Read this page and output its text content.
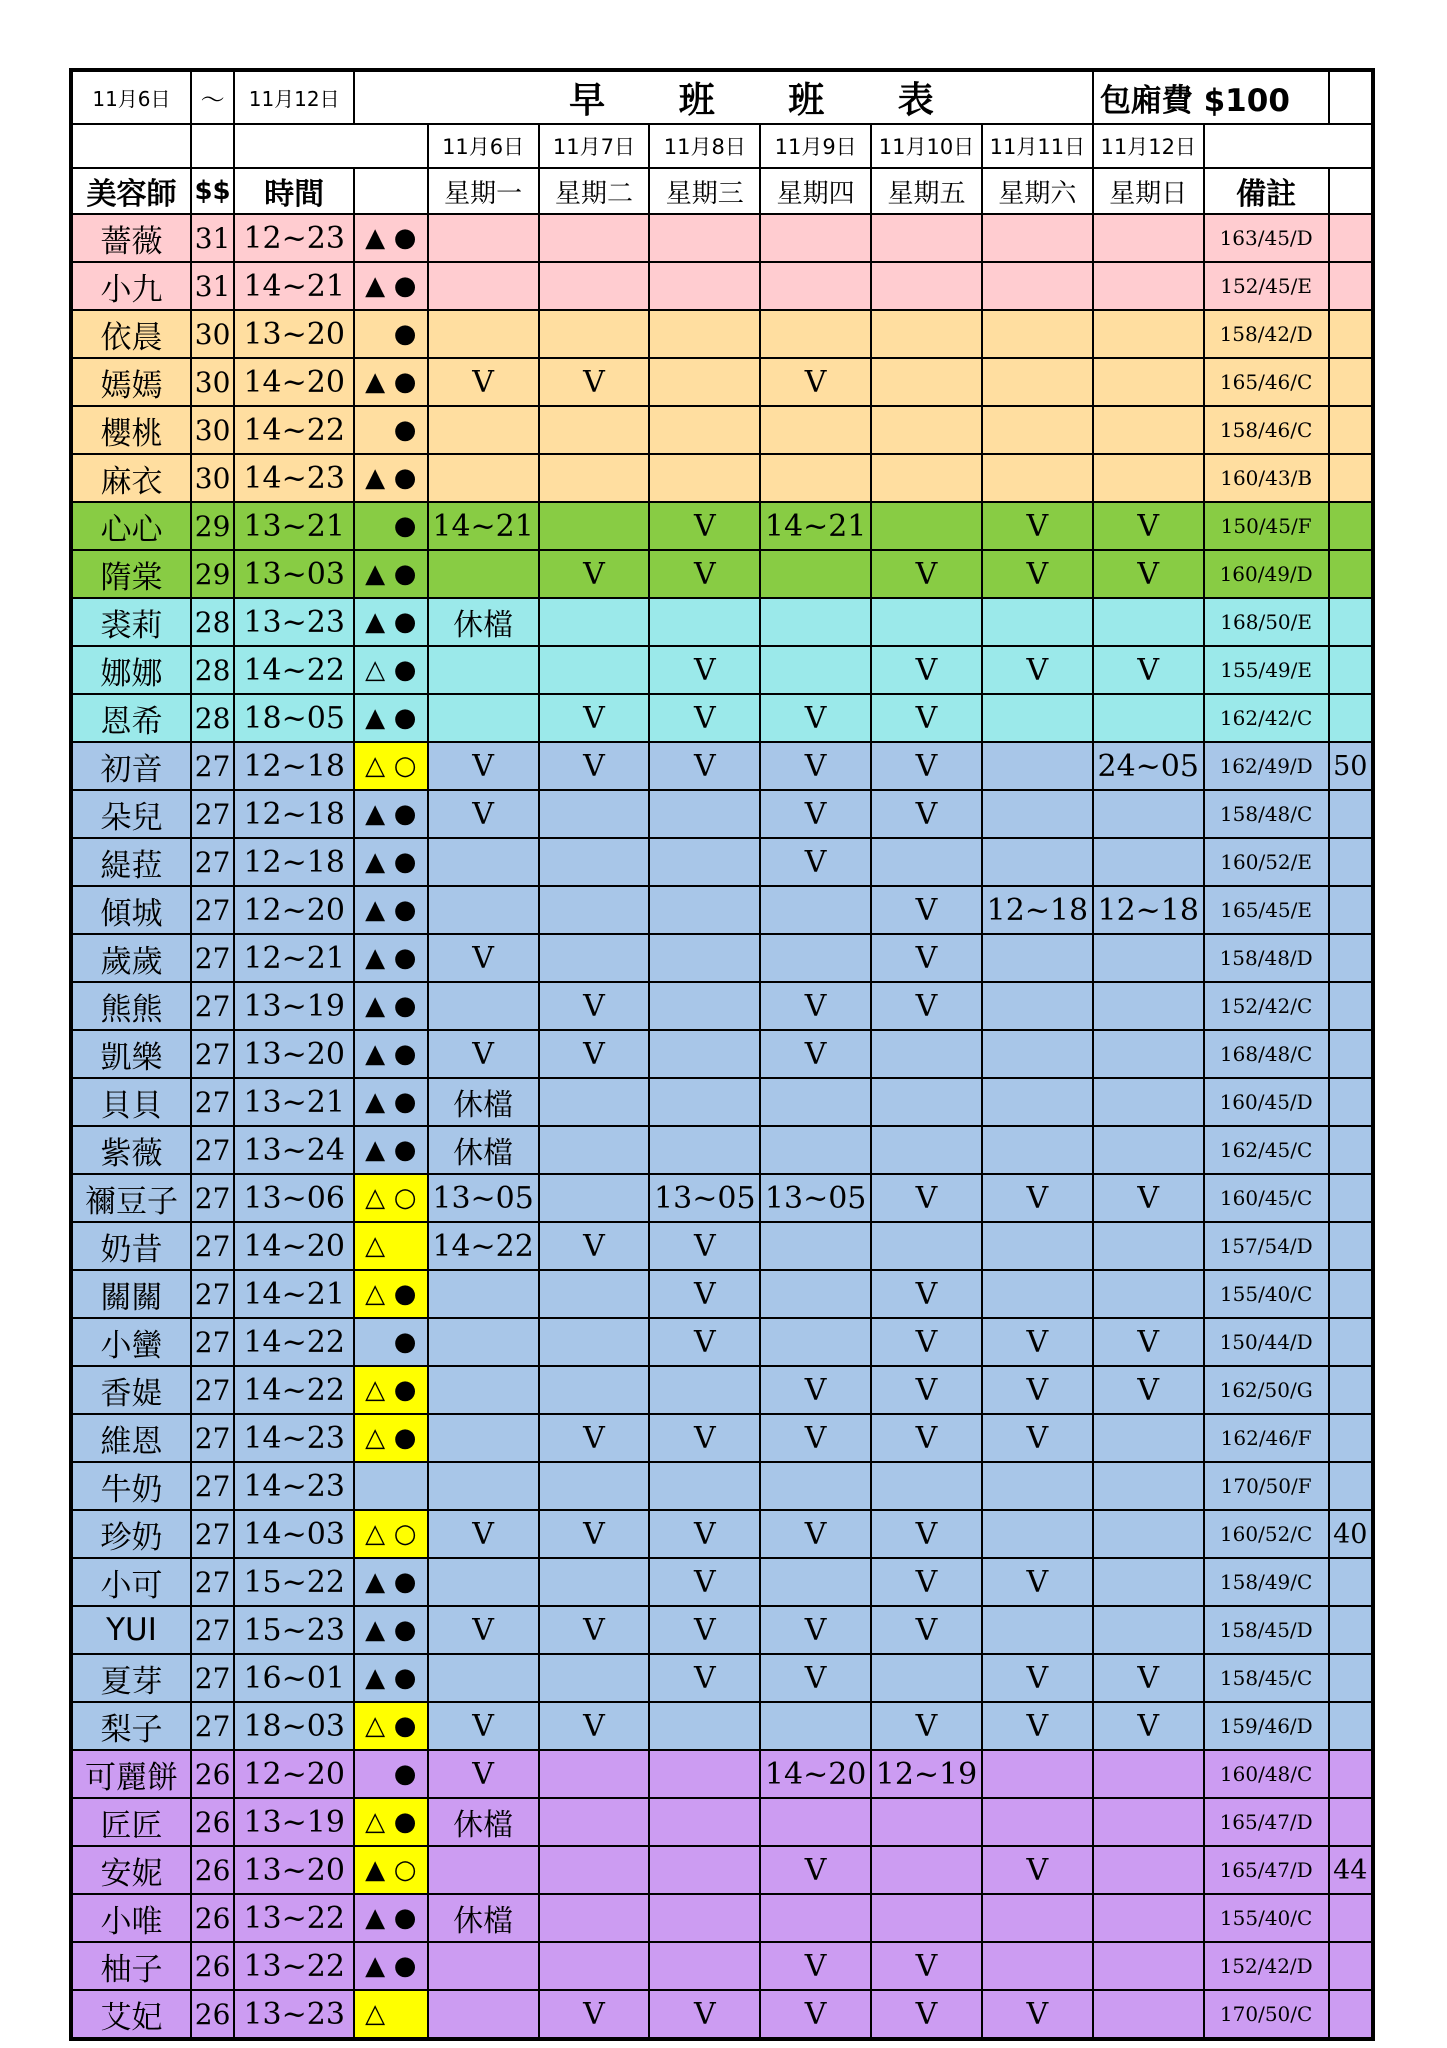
11月6日	～	11月12日	早 班 班 表							包廂費 $100		
				11月6日	11月7日	11月8日	11月9日	11月10日	11月11日	11月12日		
美容師	$$	時間		星期一	星期二	星期三	星期四	星期五	星期六	星期日	備註	
薔薇	31	12~23	▲ ●								163/45/D	
小九	31	14~21	▲ ●								152/45/E	
依晨	30	13~20	●								158/42/D	
嫣嫣	30	14~20	▲ ●	V	V		V				165/46/C	
櫻桃	30	14~22	●								158/46/C	
麻衣	30	14~23	▲ ●								160/43/B	
心心	29	13~21	●	14~21		V	14~21		V	V	150/45/F	
隋棠	29	13~03	▲ ●		V	V		V	V	V	160/49/D	
裘莉	28	13~23	▲ ●	休檔							168/50/E	
娜娜	28	14~22	△ ●			V		V	V	V	155/49/E	
恩希	28	18~05	▲ ●		V	V	V	V			162/42/C	
初音	27	12~18	△ ○	V	V	V	V	V		24~05	162/49/D	50
朵兒	27	12~18	▲ ●	V			V	V			158/48/C	
緹菈	27	12~18	▲ ●				V				160/52/E	
傾城	27	12~20	▲ ●					V	12~18	12~18	165/45/E	
歲歲	27	12~21	▲ ●	V				V			158/48/D	
熊熊	27	13~19	▲ ●		V		V	V			152/42/C	
凱樂	27	13~20	▲ ●	V	V		V				168/48/C	
貝貝	27	13~21	▲ ●	休檔							160/45/D	
紫薇	27	13~24	▲ ●	休檔							162/45/C	
禰豆子	27	13~06	△ ○	13~05		13~05	13~05	V	V	V	160/45/C	
奶昔	27	14~20	△	14~22	V	V					157/54/D	
關關	27	14~21	△ ●			V		V			155/40/C	
小蠻	27	14~22	●			V		V	V	V	150/44/D	
香媞	27	14~22	△ ●				V	V	V	V	162/50/G	
維恩	27	14~23	△ ●		V	V	V	V	V		162/46/F	
牛奶	27	14~23									170/50/F	
珍奶	27	14~03	△ ○	V	V	V	V	V			160/52/C	40
小可	27	15~22	▲ ●			V		V	V		158/49/C	
YUI	27	15~23	▲ ●	V	V	V	V	V			158/45/D	
夏芽	27	16~01	▲ ●			V	V		V	V	158/45/C	
梨子	27	18~03	△ ●	V	V			V	V	V	159/46/D	
可麗餅	26	12~20	●	V			14~20	12~19			160/48/C	
匠匠	26	13~19	△ ●	休檔							165/47/D	
安妮	26	13~20	▲ ○				V		V		165/47/D	44
小唯	26	13~22	▲ ●	休檔							155/40/C	
柚子	26	13~22	▲ ●				V	V			152/42/D	
艾妃	26	13~23	△		V	V	V	V	V		170/50/C	
